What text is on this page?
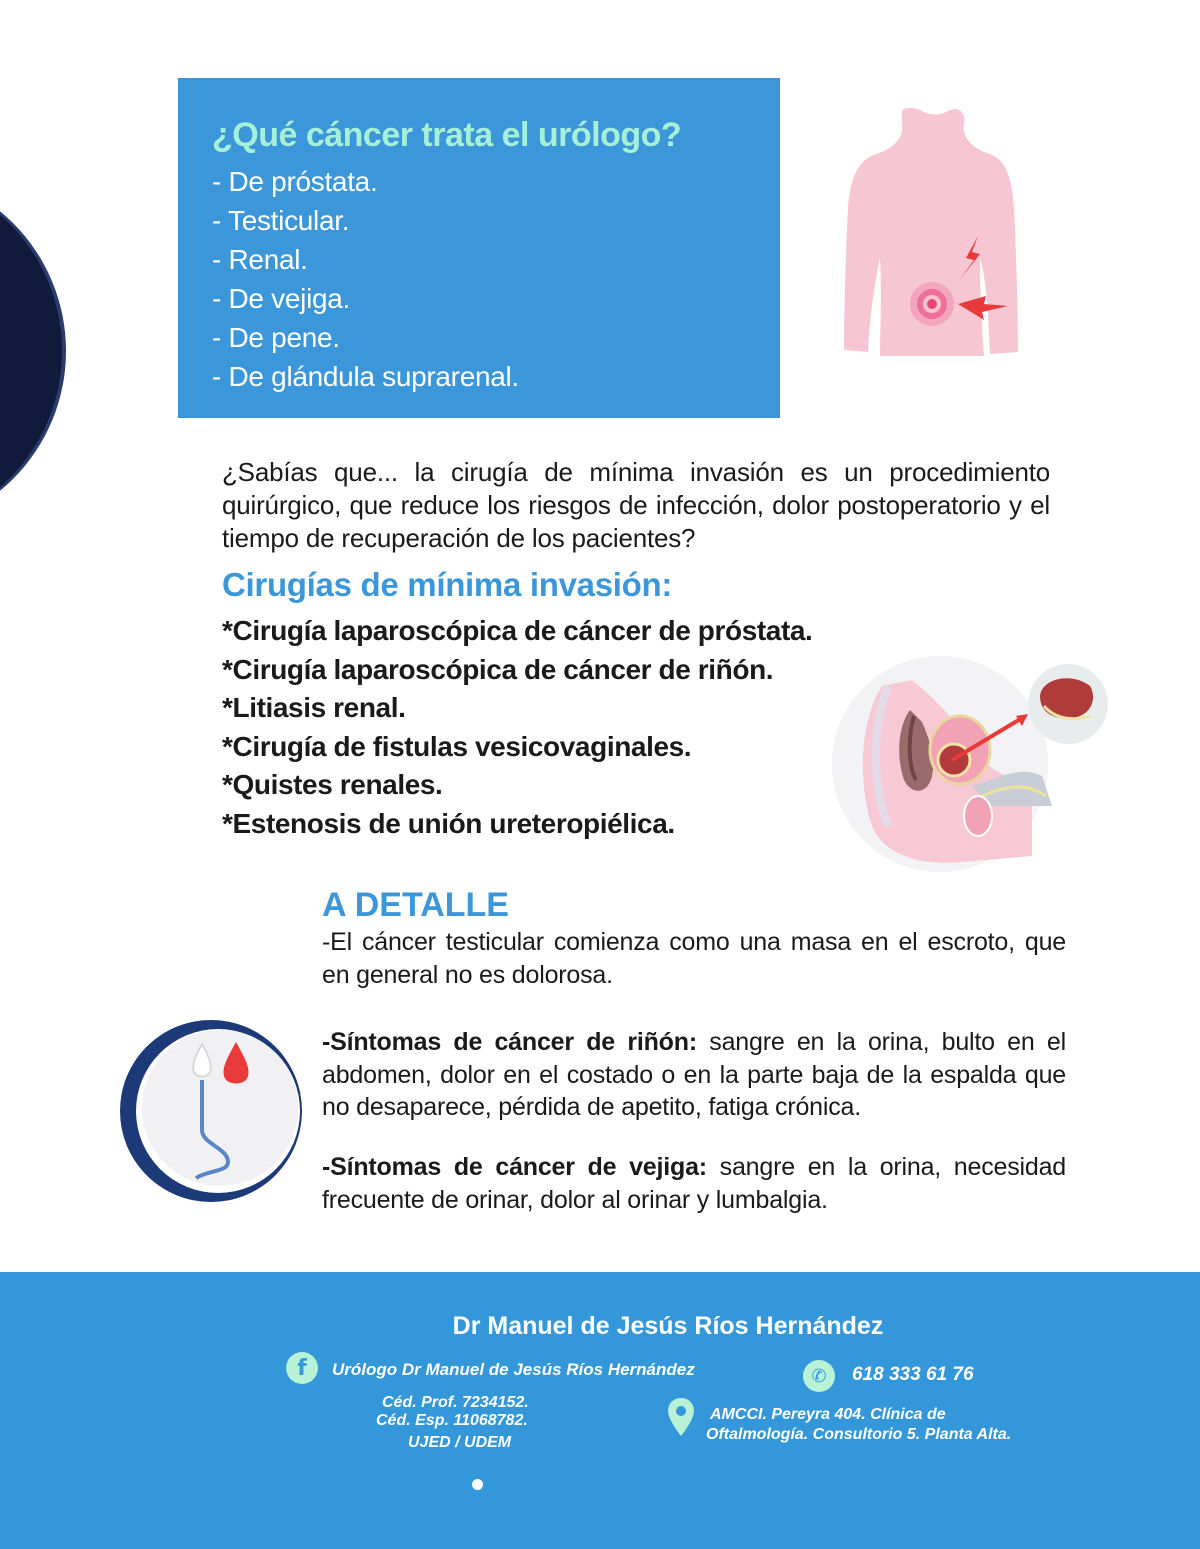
¿Qué cáncer trata el urólogo?
- De próstata.
- Testicular.
- Renal.
- De vejiga.
- De pene.
- De glándula suprarenal.
¿Sabías que... la cirugía de mínima invasión es un procedimiento quirúrgico, que reduce los riesgos de infección, dolor postoperatorio y el tiempo de recuperación de los pacientes?
Cirugías de mínima invasión:
*Cirugía laparoscópica de cáncer de próstata.
*Cirugía laparoscópica de cáncer de riñón.
*Litiasis renal.
*Cirugía de fistulas vesicovaginales.
*Quistes renales.
*Estenosis de unión ureteropiélica.
A DETALLE
-El cáncer testicular comienza como una masa en el escroto, que en general no es dolorosa.
-Síntomas de cáncer de riñón: sangre en la orina, bulto en el abdomen, dolor en el costado o en la parte baja de la espalda que no desaparece, pérdida de apetito, fatiga crónica.
-Síntomas de cáncer de vejiga: sangre en la orina, necesidad frecuente de orinar, dolor al orinar y lumbalgia.
Dr Manuel de Jesús Ríos Hernández
f	Urólogo Dr Manuel de Jesús Ríos Hernández	✆	618 333 61 76
Céd. Prof. 7234152.
Céd. Esp. 11068782.
UJED / UDEM
AMCCI. Pereyra 404. Clínica de
Oftalmología. Consultorio 5. Planta Alta.
